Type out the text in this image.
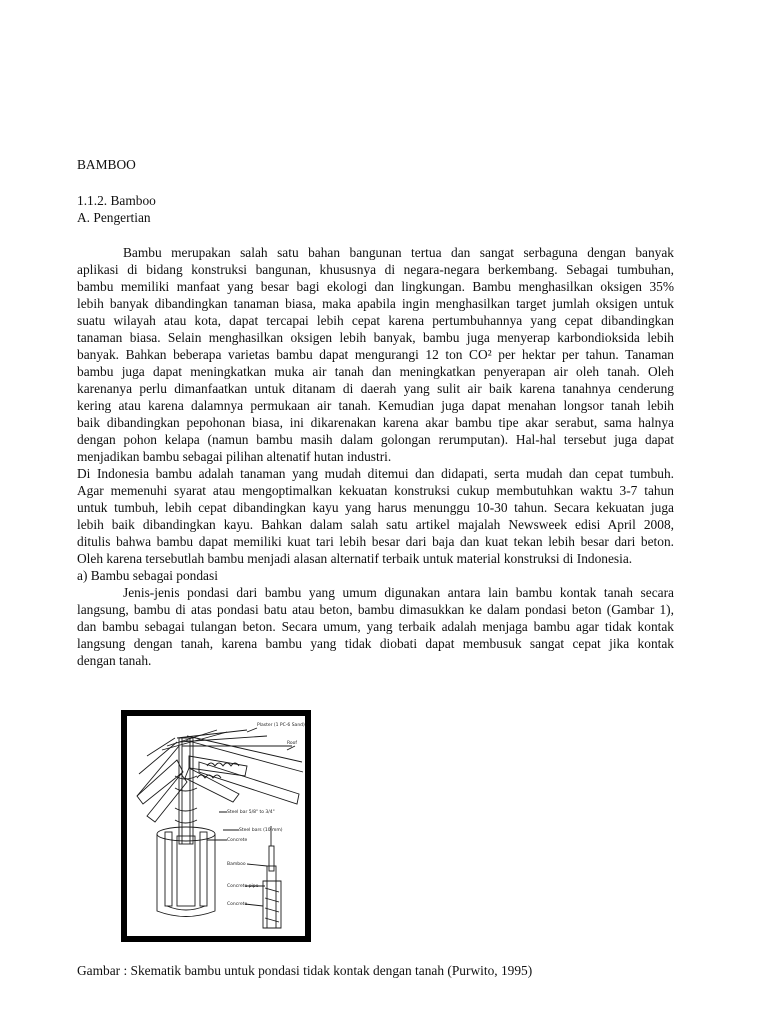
BAMBOO
1.1.2. Bamboo
A. Pengertian
Bambu merupakan salah satu bahan bangunan tertua dan sangat serbaguna dengan banyak
aplikasi di bidang konstruksi bangunan, khususnya di negara-negara berkembang. Sebagai tumbuhan,
bambu memiliki manfaat yang besar bagi ekologi dan lingkungan. Bambu menghasilkan oksigen 35%
lebih banyak dibandingkan tanaman biasa, maka apabila ingin menghasilkan target jumlah oksigen untuk
suatu wilayah atau kota, dapat tercapai lebih cepat karena pertumbuhannya yang cepat dibandingkan
tanaman biasa. Selain menghasilkan oksigen lebih banyak, bambu juga menyerap karbondioksida lebih
banyak. Bahkan beberapa varietas bambu dapat mengurangi 12 ton CO² per hektar per tahun. Tanaman
bambu juga dapat meningkatkan muka air tanah dan meningkatkan penyerapan air oleh tanah. Oleh
karenanya perlu dimanfaatkan untuk ditanam di daerah yang sulit air baik karena tanahnya cenderung
kering atau karena dalamnya permukaan air tanah. Kemudian juga dapat menahan longsor tanah lebih
baik dibandingkan pepohonan biasa, ini dikarenakan karena akar bambu tipe akar serabut, sama halnya
dengan pohon kelapa (namun bambu masih dalam golongan rerumputan). Hal-hal tersebut juga dapat
menjadikan bambu sebagai pilihan altenatif hutan industri.
Di Indonesia bambu adalah tanaman yang mudah ditemui dan didapati, serta mudah dan cepat tumbuh.
Agar memenuhi syarat atau mengoptimalkan kekuatan konstruksi cukup membutuhkan waktu 3-7 tahun
untuk tumbuh, lebih cepat dibandingkan kayu yang harus menunggu 10-30 tahun. Secara kekuatan juga
lebih baik dibandingkan kayu. Bahkan dalam salah satu artikel majalah Newsweek edisi April 2008,
ditulis bahwa bambu dapat memiliki kuat tari lebih besar dari baja dan kuat tekan lebih besar dari beton.
Oleh karena tersebutlah bambu menjadi alasan alternatif terbaik untuk material konstruksi di Indonesia.
a) Bambu sebagai pondasi
Jenis-jenis pondasi dari bambu yang umum digunakan antara lain bambu kontak tanah secara
langsung, bambu di atas pondasi batu atau beton, bambu dimasukkan ke dalam pondasi beton (Gambar 1),
dan bambu sebagai tulangan beton. Secara umum, yang terbaik adalah menjaga bambu agar tidak kontak
langsung dengan tanah, karena bambu yang tidak diobati dapat membusuk sangat cepat jika kontak
dengan tanah.
Plaster (1 PC-6 Sand)
Roof
Steel bar 5/8" to 3/4"
Steel bars (10 mm)
Concrete
Bamboo
Concrete pipe
Concrete
Gambar : Skematik bambu untuk pondasi tidak kontak dengan tanah (Purwito, 1995)
